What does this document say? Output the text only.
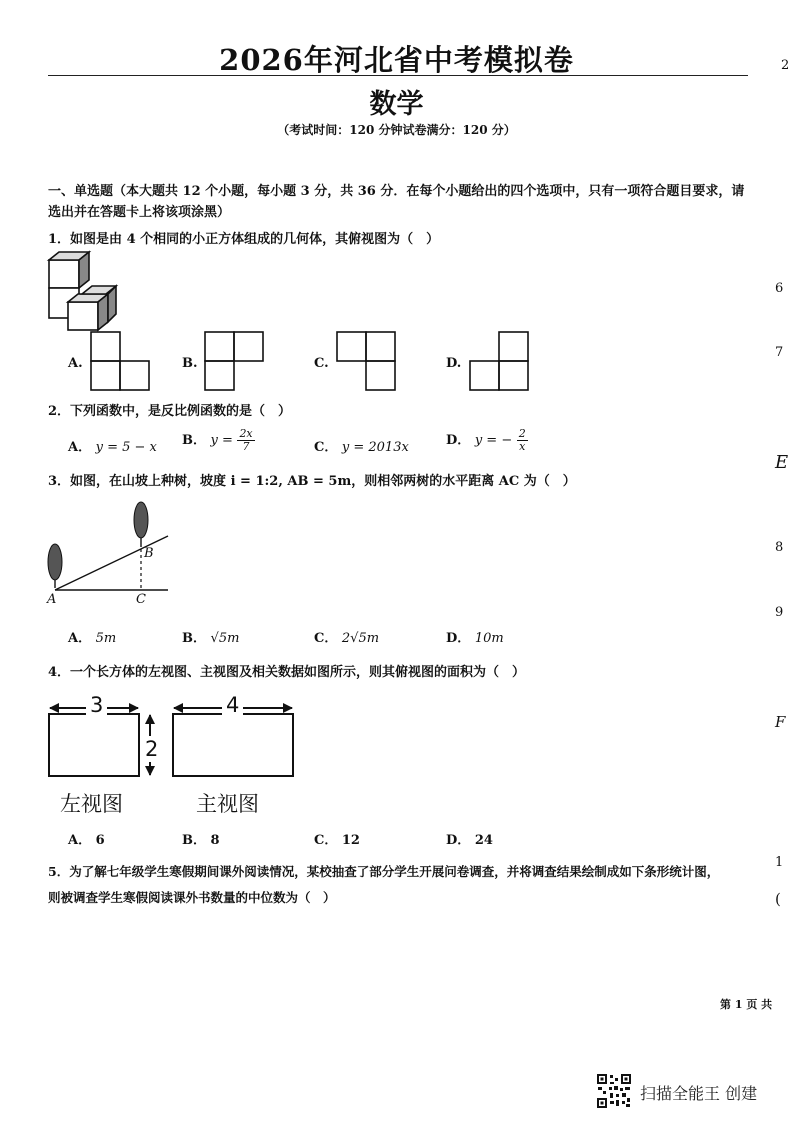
2026年河北省中考模拟卷
数学
（考试时间：120 分钟试卷满分：120 分）
一、单选题（本大题共 12 个小题，每小题 3 分，共 36 分．在每个小题给出的四个选项中，只有一项符合题目要求，请选出并在答题卡上将该项涂黑）
1．如图是由 4 个相同的小正方体组成的几何体，其俯视图为（　）
A.	B.	C.	D.
2．下列函数中，是反比例函数的是（　）
A． y = 5 − x B． $y = \frac{2x}{7}$	C． y = 2013x	D． y = − $\frac{2}{x}$
3．如图，在山坡上种树，坡度 i = 1:2, AB = 5m，则相邻两树的水平距离 AC 为（　）
A
B
C
A． 5m	B． √5m	C． 2√5m	D． 10m
4．一个长方体的左视图、主视图及相关数据如图所示，则其俯视图的面积为（　）
3
2
4
左视图	主视图
A． 6	B． 8	C． 12	D． 24
5．为了解七年级学生寒假期间课外阅读情况，某校抽查了部分学生开展问卷调查，并将调查结果绘制成如下条形统计图，
则被调查学生寒假阅读课外书数量的中位数为（　）
第 1 页 共
扫描全能王 创建
2
6
7
E
8
9
F
1
(
